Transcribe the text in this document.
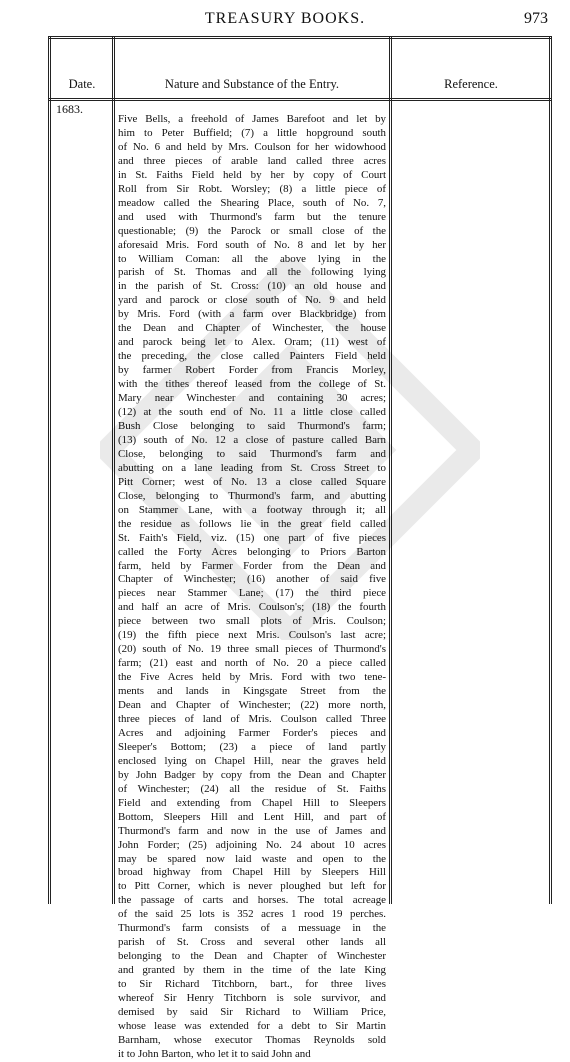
TREASURY BOOKS.	973
Date.	Nature and Substance of the Entry.	Reference.
1683.
Five Bells, a freehold of James Barefoot and let by
him to Peter Buffield; (7) a little hopground south
of No. 6 and held by Mrs. Coulson for her widowhood
and three pieces of arable land called three acres
in St. Faiths Field held by her by copy of Court
Roll from Sir Robt. Worsley; (8) a little piece of
meadow called the Shearing Place, south of No. 7,
and used with Thurmond's farm but the tenure
questionable; (9) the Parock or small close of the
aforesaid Mris. Ford south of No. 8 and let by her
to William Coman: all the above lying in the
parish of St. Thomas and all the following lying
in the parish of St. Cross: (10) an old house and
yard and parock or close south of No. 9 and held
by Mris. Ford (with a farm over Blackbridge) from
the Dean and Chapter of Winchester, the house
and parock being let to Alex. Oram; (11) west of
the preceding, the close called Painters Field held
by farmer Robert Forder from Francis Morley,
with the tithes thereof leased from the college of St.
Mary near Winchester and containing 30 acres;
(12) at the south end of No. 11 a little close called
Bush Close belonging to said Thurmond's farm;
(13) south of No. 12 a close of pasture called Barn
Close, belonging to said Thurmond's farm and
abutting on a lane leading from St. Cross Street to
Pitt Corner; west of No. 13 a close called Square
Close, belonging to Thurmond's farm, and abutting
on Stammer Lane, with a footway through it; all
the residue as follows lie in the great field called
St. Faith's Field, viz. (15) one part of five pieces
called the Forty Acres belonging to Priors Barton
farm, held by Farmer Forder from the Dean and
Chapter of Winchester; (16) another of said five
pieces near Stammer Lane; (17) the third piece
and half an acre of Mris. Coulson's; (18) the fourth
piece between two small plots of Mris. Coulson;
(19) the fifth piece next Mris. Coulson's last acre;
(20) south of No. 19 three small pieces of Thurmond's
farm; (21) east and north of No. 20 a piece called
the Five Acres held by Mris. Ford with two tene-
ments and lands in Kingsgate Street from the
Dean and Chapter of Winchester; (22) more north,
three pieces of land of Mris. Coulson called Three
Acres and adjoining Farmer Forder's pieces and
Sleeper's Bottom; (23) a piece of land partly
enclosed lying on Chapel Hill, near the graves held
by John Badger by copy from the Dean and Chapter
of Winchester; (24) all the residue of St. Faiths
Field and extending from Chapel Hill to Sleepers
Bottom, Sleepers Hill and Lent Hill, and part of
Thurmond's farm and now in the use of James and
John Forder; (25) adjoining No. 24 about 10 acres
may be spared now laid waste and open to the
broad highway from Chapel Hill by Sleepers Hill
to Pitt Corner, which is never ploughed but left for
the passage of carts and horses. The total acreage
of the said 25 lots is 352 acres 1 rood 19 perches.
Thurmond's farm consists of a messuage in the
parish of St. Cross and several other lands all
belonging to the Dean and Chapter of Winchester
and granted by them in the time of the late King
to Sir Richard Titchborn, bart., for three lives
whereof Sir Henry Titchborn is sole survivor, and
demised by said Sir Richard to William Price,
whose lease was extended for a debt to Sir Martin
Barnham, whose executor Thomas Reynolds sold
it to John Barton, who let it to said John and
